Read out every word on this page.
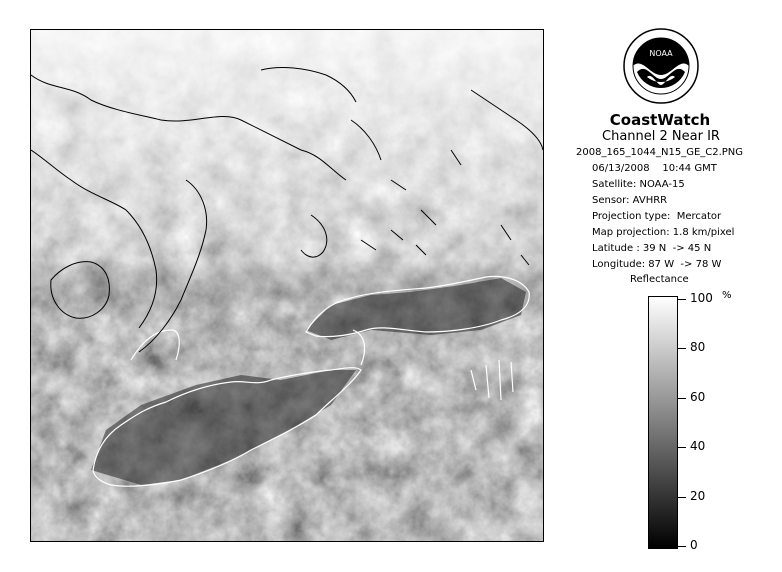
NOAA
CoastWatch
Channel 2 Near IR
2008_165_1044_N15_GE_C2.PNG
06/13/2008    10:44 GMT
Satellite: NOAA-15
Sensor: AVHRR
Projection type:  Mercator
Map projection: 1.8 km/pixel
Latitude : 39 N  -> 45 N
Longitude: 87 W  -> 78 W
Reflectance
%
100
80
60
40
20
0
